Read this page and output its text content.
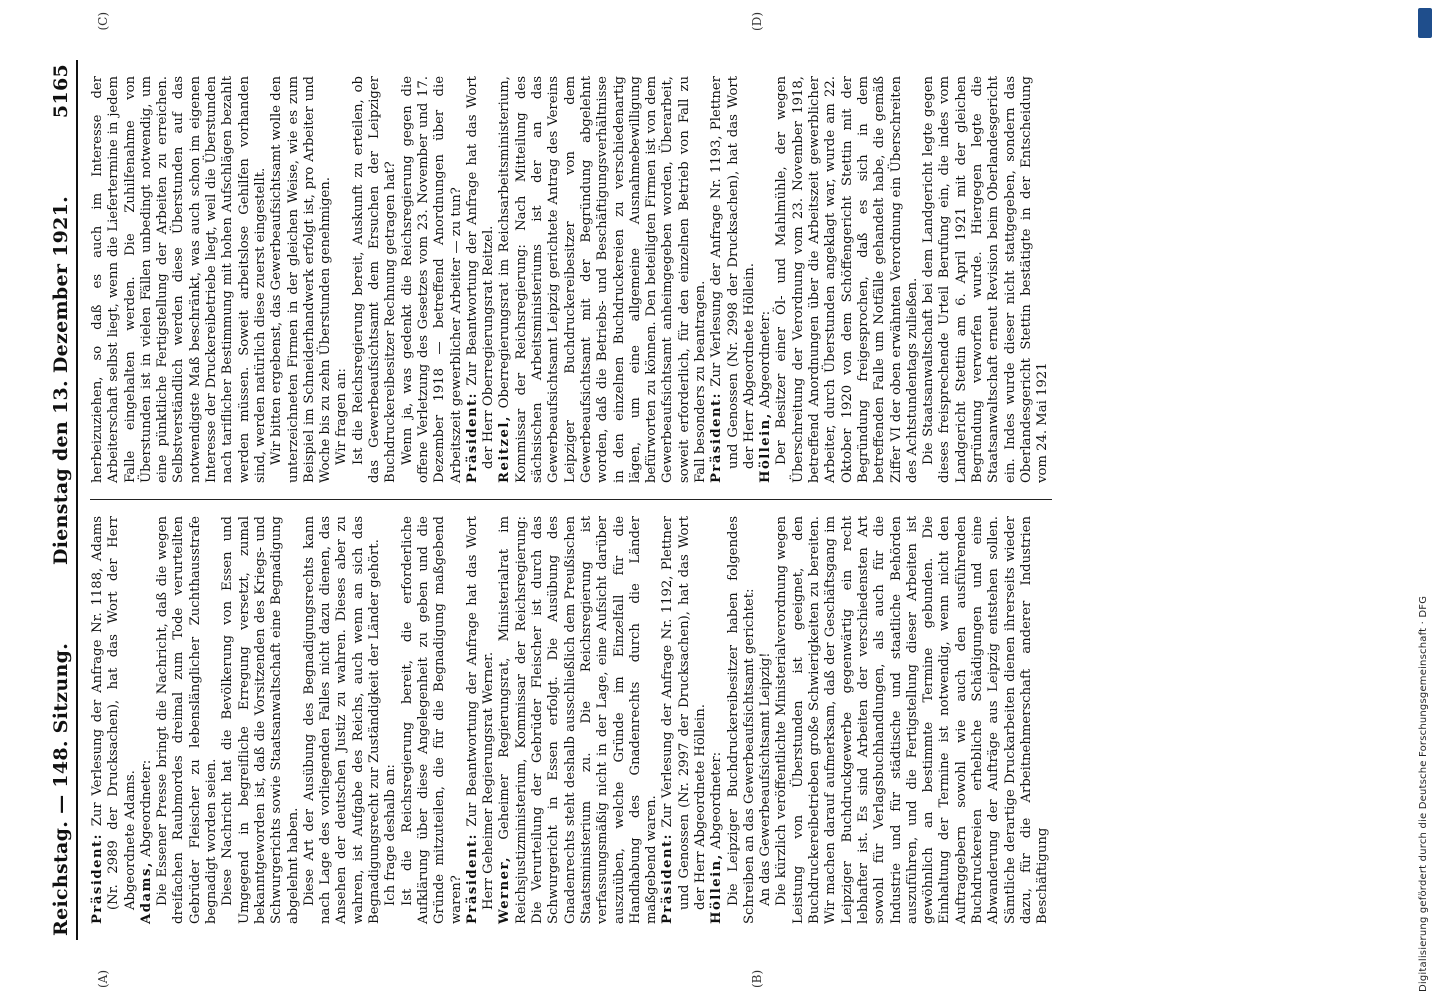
Reichstag. — 148. Sitzung.
Dienstag den 13. Dezember 1921.
5165
(A)	(B)
(C)	(D)

Präsident: Zur Verlesung der Anfrage Nr. 1188, Adams (Nr. 2989 der Drucksachen), hat das Wort der Herr Abgeordnete Adams. Adams, Abgeordneter: Die Essener Presse bringt die Nachricht, daß die wegen dreifachen Raubmordes dreimal zum Tode verurteilten Gebrüder Fleischer zu lebenslänglicher Zuchthausstrafe begnadigt worden seien. Diese Nachricht hat die Bevölkerung von Essen und Umgegend in begreifliche Erregung versetzt, zumal bekanntgeworden ist, daß die Vorsitzenden des Kriegs- und Schwurgerichts sowie Staatsanwaltschaft eine Begnadigung abgelehnt haben. Diese Art der Ausübung des Begnadigungsrechts kann nach Lage des vorliegenden Falles nicht dazu dienen, das Ansehen der deutschen Justiz zu wahren. Dieses aber zu wahren, ist Aufgabe des Reichs, auch wenn an sich das Begnadigungsrecht zur Zuständigkeit der Länder gehört. Ich frage deshalb an: Ist die Reichsregierung bereit, die erforderliche Aufklärung über diese Angelegenheit zu geben und die Gründe mitzuteilen, die für die Begnadigung maßgebend waren? Präsident: Zur Beantwortung der Anfrage hat das Wort Herr Geheimer Regierungsrat Werner. Werner, Geheimer Regierungsrat, Ministerialrat im Reichsjustizministerium, Kommissar der Reichsregierung: Die Verurteilung der Gebrüder Fleischer ist durch das Schwurgericht in Essen erfolgt. Die Ausübung des Gnadenrechts steht deshalb ausschließlich dem Preußischen Staatsministerium zu. Die Reichsregierung ist verfassungsmäßig nicht in der Lage, eine Aufsicht darüber auszuüben, welche Gründe im Einzelfall für die Handhabung des Gnadenrechts durch die Länder maßgebend waren. Präsident: Zur Verlesung der Anfrage Nr. 1192, Plettner und Genossen (Nr. 2997 der Drucksachen), hat das Wort der Herr Abgeordnete Höllein. Höllein, Abgeordneter: Die Leipziger Buchdruckereibesitzer haben folgendes Schreiben an das Gewerbeaufsichtsamt gerichtet: An das Gewerbeaufsichtsamt Leipzig! Die kürzlich veröffentlichte Ministerialverordnung wegen Leistung von Überstunden ist geeignet, den Buchdruckereibetrieben große Schwierigkeiten zu bereiten. Wir machen darauf aufmerksam, daß der Geschäftsgang im Leipziger Buchdruckgewerbe gegenwärtig ein recht lebhafter ist. Es sind Arbeiten der verschiedensten Art sowohl für Verlagsbuchhandlungen, als auch für die Industrie und für städtische und staatliche Behörden auszuführen, und die Fertigstellung dieser Arbeiten ist gewöhnlich an bestimmte Termine gebunden. Die Einhaltung der Termine ist notwendig, wenn nicht den Auftraggebern sowohl wie auch den ausführenden Buchdruckereien erhebliche Schädigungen und eine Abwanderung der Aufträge aus Leipzig entstehen sollen. Sämtliche derartige Druckarbeiten dienen ihrerseits wieder dazu, für die Arbeitnehmerschaft anderer Industrien Beschäftigung

herbeizuziehen, so daß es auch im Interesse der Arbeiterschaft selbst liegt, wenn die Liefertermine in jedem Falle eingehalten werden. Die Zuhilfenahme von Überstunden ist in vielen Fällen unbedingt notwendig, um eine pünktliche Fertigstellung der Arbeiten zu erreichen. Selbstverständlich werden diese Überstunden auf das notwendigste Maß beschränkt, was auch schon im eigenen Interesse der Druckereibetriebe liegt, weil die Überstunden nach tariflicher Bestimmung mit hohen Aufschlägen bezahlt werden müssen. Soweit arbeitslose Gehilfen vorhanden sind, werden natürlich diese zuerst eingestellt. Wir bitten ergebenst, das Gewerbeaufsichtsamt wolle den unterzeichneten Firmen in der gleichen Weise, wie es zum Beispiel im Schneiderhandwerk erfolgt ist, pro Arbeiter und Woche bis zu zehn Überstunden genehmigen. Wir fragen an: Ist die Reichsregierung bereit, Auskunft zu erteilen, ob das Gewerbeaufsichtsamt dem Ersuchen der Leipziger Buchdruckereibesitzer Rechnung getragen hat? Wenn ja, was gedenkt die Reichsregierung gegen die offene Verletzung des Gesetzes vom 23. November und 17. Dezember 1918 — betreffend Anordnungen über die Arbeitszeit gewerblicher Arbeiter — zu tun? Präsident: Zur Beantwortung der Anfrage hat das Wort der Herr Oberregierungsrat Reitzel. Reitzel, Oberregierungsrat im Reichsarbeitsministerium, Kommissar der Reichsregierung: Nach Mitteilung des sächsischen Arbeitsministeriums ist der an das Gewerbeaufsichtsamt Leipzig gerichtete Antrag des Vereins Leipziger Buchdruckereibesitzer von dem Gewerbeaufsichtsamt mit der Begründung abgelehnt worden, daß die Betriebs- und Beschäftigungsverhältnisse in den einzelnen Buchdruckereien zu verschiedenartig lägen, um eine allgemeine Ausnahmebewilligung befürworten zu können. Den beteiligten Firmen ist von dem Gewerbeaufsichtsamt anheimgegeben worden, Überarbeit, soweit erforderlich, für den einzelnen Betrieb von Fall zu Fall besonders zu beantragen. Präsident: Zur Verlesung der Anfrage Nr. 1193, Plettner und Genossen (Nr. 2998 der Drucksachen), hat das Wort der Herr Abgeordnete Höllein. Höllein, Abgeordneter: Der Besitzer einer Öl- und Mahlmühle, der wegen Überschreitung der Verordnung vom 23. November 1918, betreffend Anordnungen über die Arbeitszeit gewerblicher Arbeiter, durch Überstunden angeklagt war, wurde am 22. Oktober 1920 von dem Schöffengericht Stettin mit der Begründung freigesprochen, daß es sich in dem betreffenden Falle um Notfälle gehandelt habe, die gemäß Ziffer VI der oben erwähnten Verordnung ein Überschreiten des Achtstundentags zuließen. Die Staatsanwaltschaft bei dem Landgericht legte gegen dieses freisprechende Urteil Berufung ein, die indes vom Landgericht Stettin am 6. April 1921 mit der gleichen Begründung verworfen wurde. Hiergegen legte die Staatsanwaltschaft erneut Revision beim Oberlandesgericht ein. Indes wurde dieser nicht stattgegeben, sondern das Oberlandesgericht Stettin bestätigte in der Entscheidung vom 24. Mai 1921

Digitalisierung gefördert durch die Deutsche Forschungsgemeinschaft · DFG
